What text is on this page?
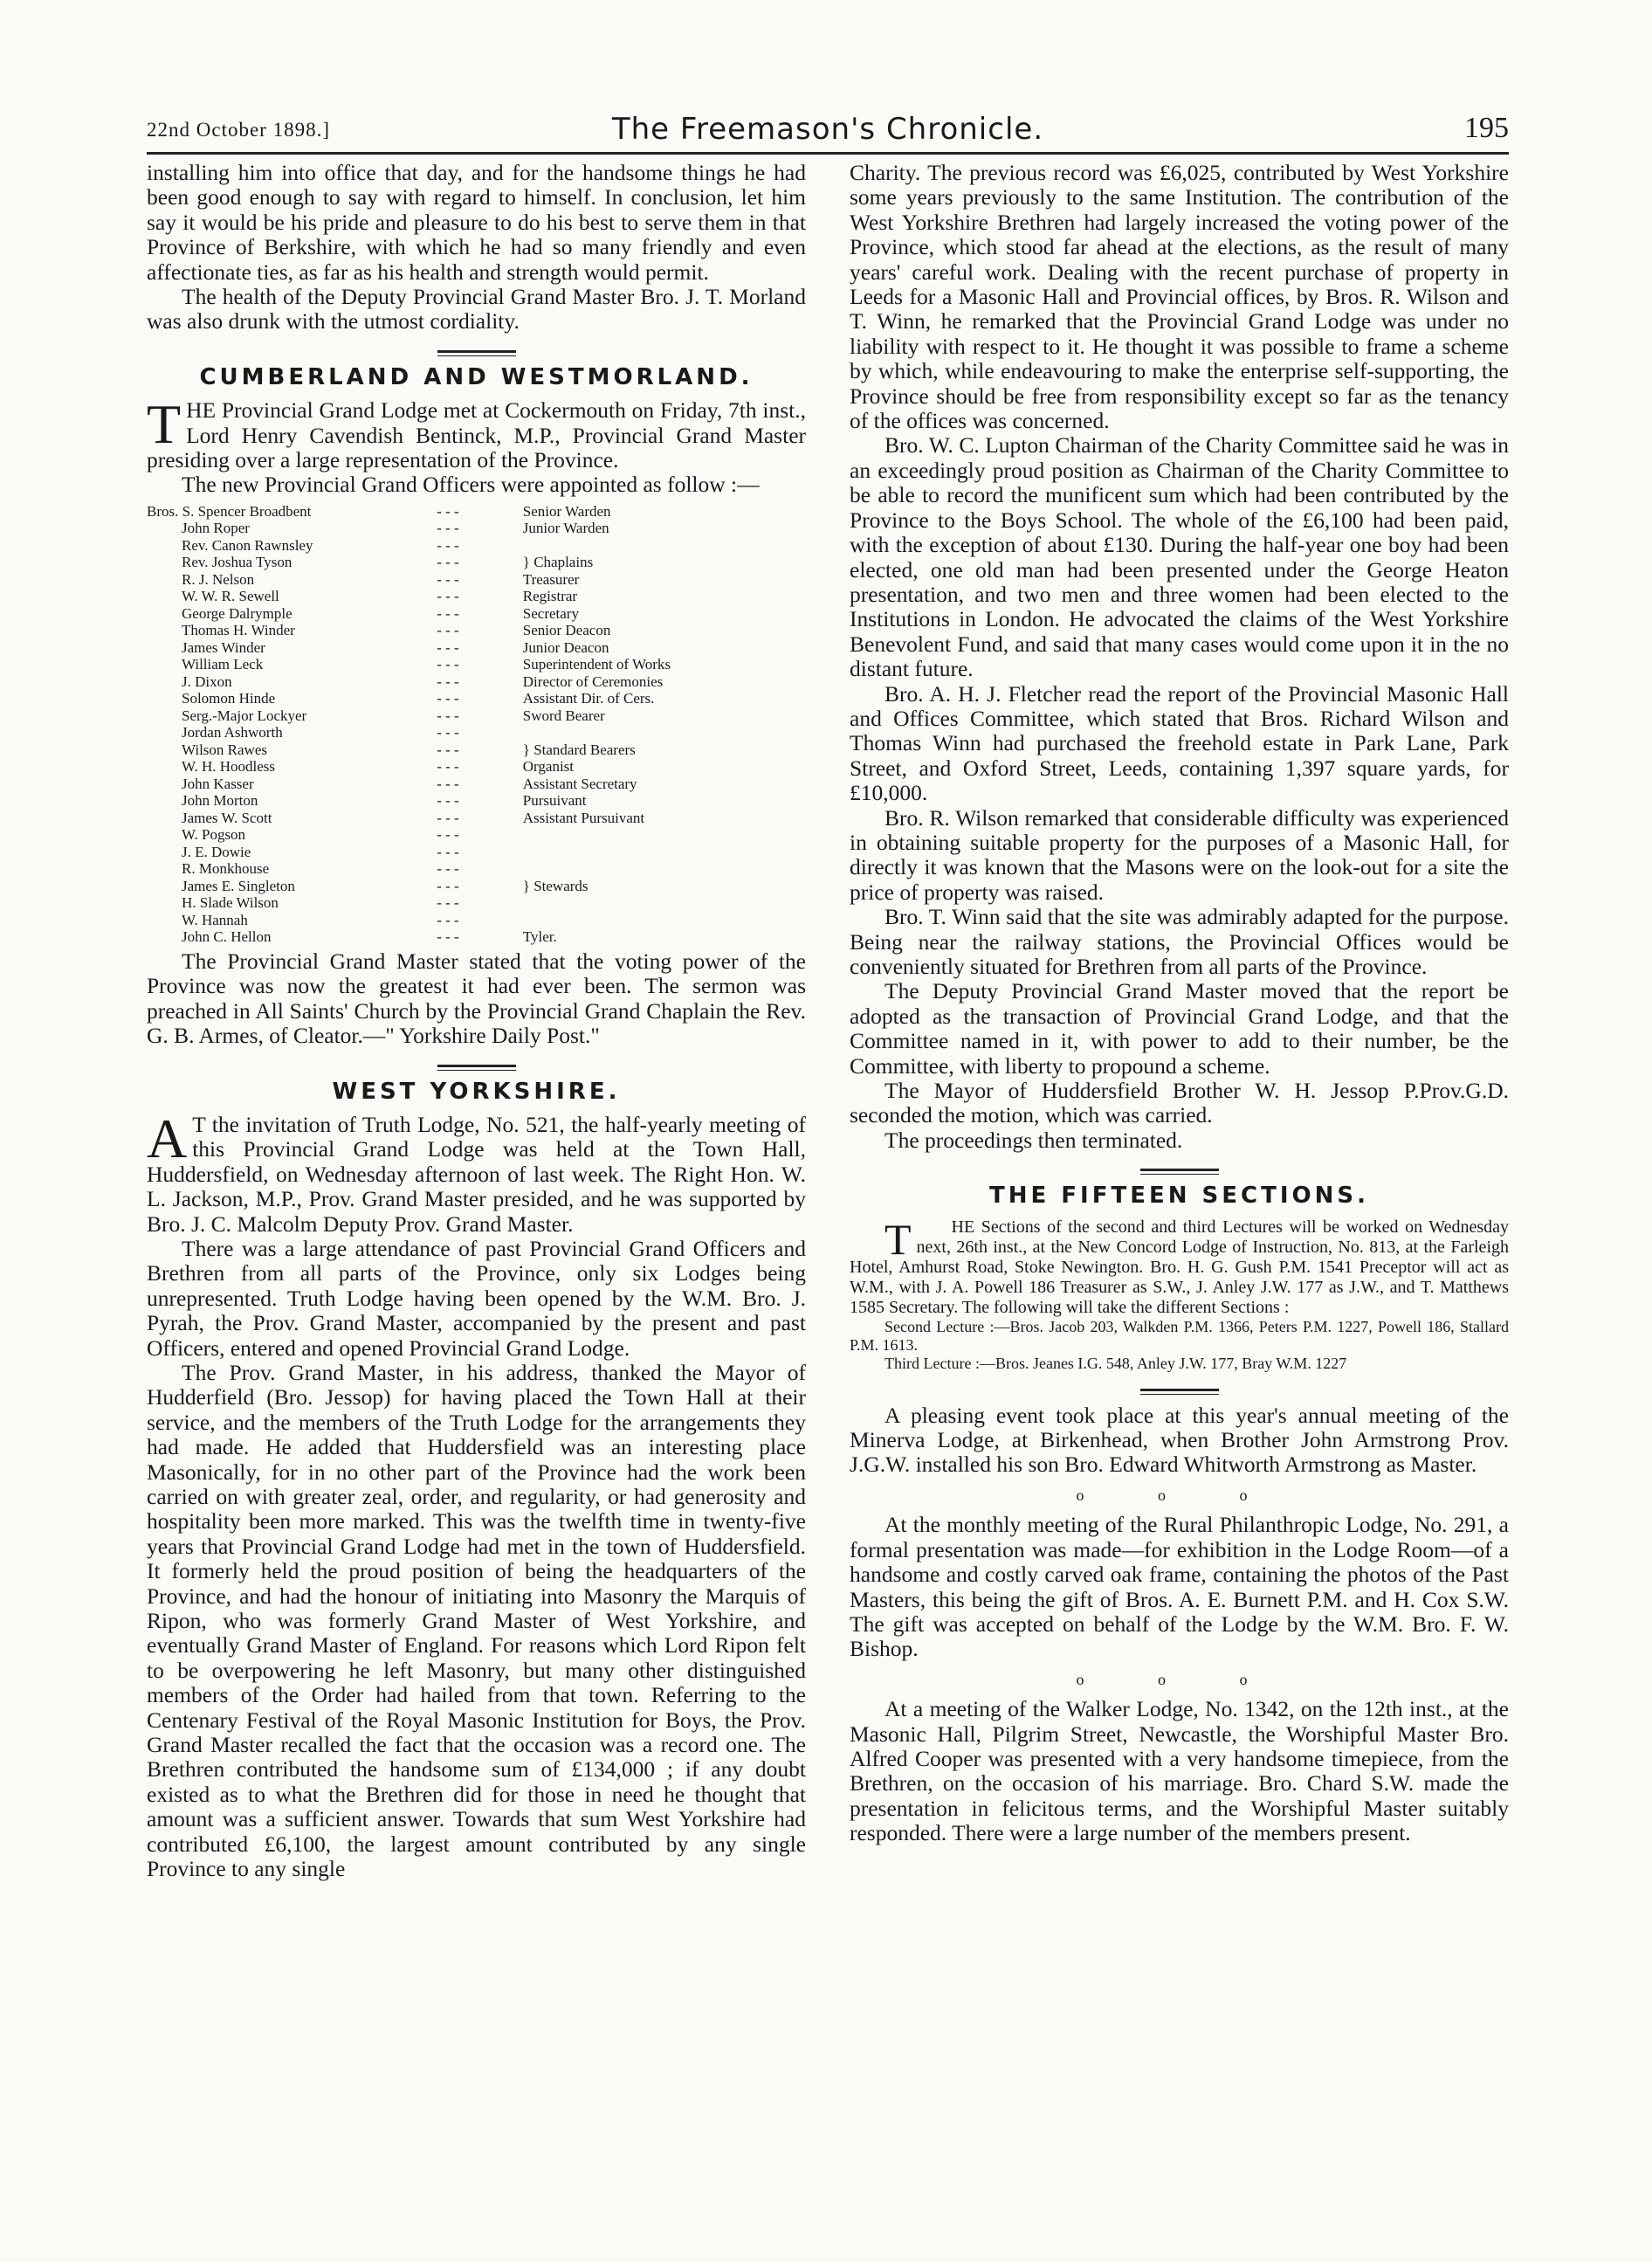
22nd October 1898.]	The Freemason's Chronicle.	195

installing him into office that day, and for the handsome things he had been good enough to say with regard to himself. In conclusion, let him say it would be his pride and pleasure to do his best to serve them in that Province of Berkshire, with which he had so many friendly and even affectionate ties, as far as his health and strength would permit.

The health of the Deputy Provincial Grand Master Bro. J. T. Morland was also drunk with the utmost cordiality.

CUMBERLAND AND WESTMORLAND.

THE Provincial Grand Lodge met at Cockermouth on Friday, 7th inst., Lord Henry Cavendish Bentinck, M.P., Provincial Grand Master presiding over a large representation of the Province.

The new Provincial Grand Officers were appointed as follow :—

Bros. S. Spencer Broadbent	- - -	Senior Warden
John Roper	- - -	Junior Warden
Rev. Canon Rawnsley	- - -	
Rev. Joshua Tyson	- - -	} Chaplains
R. J. Nelson	- - -	Treasurer
W. W. R. Sewell	- - -	Registrar
George Dalrymple	- - -	Secretary
Thomas H. Winder	- - -	Senior Deacon
James Winder	- - -	Junior Deacon
William Leck	- - -	Superintendent of Works
J. Dixon	- - -	Director of Ceremonies
Solomon Hinde	- - -	Assistant Dir. of Cers.
Serg.-Major Lockyer	- - -	Sword Bearer
Jordan Ashworth	- - -	
Wilson Rawes	- - -	} Standard Bearers
W. H. Hoodless	- - -	Organist
John Kasser	- - -	Assistant Secretary
John Morton	- - -	Pursuivant
James W. Scott	- - -	Assistant Pursuivant
W. Pogson	- - -	
J. E. Dowie	- - -	
R. Monkhouse	- - -	
James E. Singleton	- - -	} Stewards
H. Slade Wilson	- - -	
W. Hannah	- - -	
John C. Hellon	- - -	Tyler.

The Provincial Grand Master stated that the voting power of the Province was now the greatest it had ever been. The sermon was preached in All Saints' Church by the Provincial Grand Chaplain the Rev. G. B. Armes, of Cleator.—" Yorkshire Daily Post."

WEST YORKSHIRE.

A T the invitation of Truth Lodge, No. 521, the half-yearly meeting of this Provincial Grand Lodge was held at the Town Hall, Huddersfield, on Wednesday afternoon of last week. The Right Hon. W. L. Jackson, M.P., Prov. Grand Master presided, and he was supported by Bro. J. C. Malcolm Deputy Prov. Grand Master.

There was a large attendance of past Provincial Grand Officers and Brethren from all parts of the Province, only six Lodges being unrepresented. Truth Lodge having been opened by the W.M. Bro. J. Pyrah, the Prov. Grand Master, accompanied by the present and past Officers, entered and opened Provincial Grand Lodge.

The Prov. Grand Master, in his address, thanked the Mayor of Hudderfield (Bro. Jessop) for having placed the Town Hall at their service, and the members of the Truth Lodge for the arrangements they had made. He added that Huddersfield was an interesting place Masonically, for in no other part of the Province had the work been carried on with greater zeal, order, and regularity, or had generosity and hospitality been more marked. This was the twelfth time in twenty-five years that Provincial Grand Lodge had met in the town of Huddersfield. It formerly held the proud position of being the headquarters of the Province, and had the honour of initiating into Masonry the Marquis of Ripon, who was formerly Grand Master of West Yorkshire, and eventually Grand Master of England. For reasons which Lord Ripon felt to be overpowering he left Masonry, but many other distinguished members of the Order had hailed from that town. Referring to the Centenary Festival of the Royal Masonic Institution for Boys, the Prov. Grand Master recalled the fact that the occasion was a record one. The Brethren contributed the handsome sum of £134,000 ; if any doubt existed as to what the Brethren did for those in need he thought that amount was a sufficient answer. Towards that sum West Yorkshire had contributed £6,100, the largest amount contributed by any single Province to any single

Charity. The previous record was £6,025, contributed by West Yorkshire some years previously to the same Institution. The contribution of the West Yorkshire Brethren had largely increased the voting power of the Province, which stood far ahead at the elections, as the result of many years' careful work. Dealing with the recent purchase of property in Leeds for a Masonic Hall and Provincial offices, by Bros. R. Wilson and T. Winn, he remarked that the Provincial Grand Lodge was under no liability with respect to it. He thought it was possible to frame a scheme by which, while endeavouring to make the enterprise self-supporting, the Province should be free from responsibility except so far as the tenancy of the offices was concerned.

Bro. W. C. Lupton Chairman of the Charity Committee said he was in an exceedingly proud position as Chairman of the Charity Committee to be able to record the munificent sum which had been contributed by the Province to the Boys School. The whole of the £6,100 had been paid, with the exception of about £130. During the half-year one boy had been elected, one old man had been presented under the George Heaton presentation, and two men and three women had been elected to the Institutions in London. He advocated the claims of the West Yorkshire Benevolent Fund, and said that many cases would come upon it in the no distant future.

Bro. A. H. J. Fletcher read the report of the Provincial Masonic Hall and Offices Committee, which stated that Bros. Richard Wilson and Thomas Winn had purchased the freehold estate in Park Lane, Park Street, and Oxford Street, Leeds, containing 1,397 square yards, for £10,000.

Bro. R. Wilson remarked that considerable difficulty was experienced in obtaining suitable property for the purposes of a Masonic Hall, for directly it was known that the Masons were on the look-out for a site the price of property was raised.

Bro. T. Winn said that the site was admirably adapted for the purpose. Being near the railway stations, the Provincial Offices would be conveniently situated for Brethren from all parts of the Province.

The Deputy Provincial Grand Master moved that the report be adopted as the transaction of Provincial Grand Lodge, and that the Committee named in it, with power to add to their number, be the Committee, with liberty to propound a scheme.

The Mayor of Huddersfield Brother W. H. Jessop P.Prov.G.D. seconded the motion, which was carried.

The proceedings then terminated.

THE FIFTEEN SECTIONS.

T HE Sections of the second and third Lectures will be worked on Wednesday next, 26th inst., at the New Concord Lodge of Instruction, No. 813, at the Farleigh Hotel, Amhurst Road, Stoke Newington. Bro. H. G. Gush P.M. 1541 Preceptor will act as W.M., with J. A. Powell 186 Treasurer as S.W., J. Anley J.W. 177 as J.W., and T. Matthews 1585 Secretary. The following will take the different Sections :

Second Lecture :—Bros. Jacob 203, Walkden P.M. 1366, Peters P.M. 1227, Powell 186, Stallard P.M. 1613.

Third Lecture :—Bros. Jeanes I.G. 548, Anley J.W. 177, Bray W.M. 1227

A pleasing event took place at this year's annual meeting of the Minerva Lodge, at Birkenhead, when Brother John Armstrong Prov. J.G.W. installed his son Bro. Edward Whitworth Armstrong as Master.

o o o

At the monthly meeting of the Rural Philanthropic Lodge, No. 291, a formal presentation was made—for exhibition in the Lodge Room—of a handsome and costly carved oak frame, containing the photos of the Past Masters, this being the gift of Bros. A. E. Burnett P.M. and H. Cox S.W. The gift was accepted on behalf of the Lodge by the W.M. Bro. F. W. Bishop.

o o o

At a meeting of the Walker Lodge, No. 1342, on the 12th inst., at the Masonic Hall, Pilgrim Street, Newcastle, the Worshipful Master Bro. Alfred Cooper was presented with a very handsome timepiece, from the Brethren, on the occasion of his marriage. Bro. Chard S.W. made the presentation in felicitous terms, and the Worshipful Master suitably responded. There were a large number of the members present.
